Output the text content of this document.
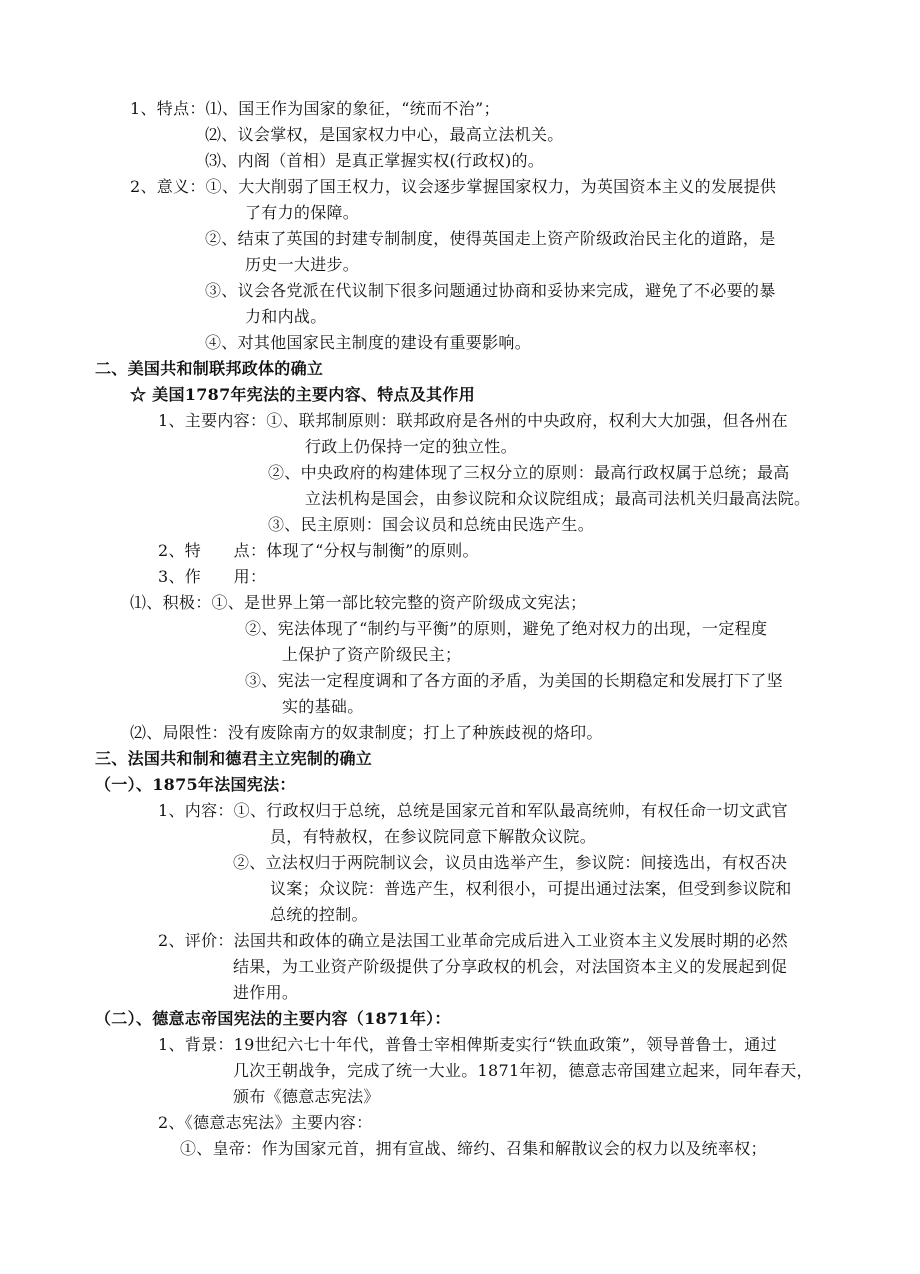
1、特点：⑴、国王作为国家的象征，“统而不治”；
⑵、议会掌权，是国家权力中心，最高立法机关。
⑶、内阁（首相）是真正掌握实权(行政权)的。
2、意义：①、大大削弱了国王权力，议会逐步掌握国家权力，为英国资本主义的发展提供
了有力的保障。
②、结束了英国的封建专制制度，使得英国走上资产阶级政治民主化的道路，是
历史一大进步。
③、议会各党派在代议制下很多问题通过协商和妥协来完成，避免了不必要的暴
力和内战。
④、对其他国家民主制度的建设有重要影响。
二、美国共和制联邦政体的确立
☆ 美国1787年宪法的主要内容、特点及其作用
1、主要内容：①、联邦制原则：联邦政府是各州的中央政府，权利大大加强，但各州在
行政上仍保持一定的独立性。
②、中央政府的构建体现了三权分立的原则：最高行政权属于总统；最高
立法机构是国会，由参议院和众议院组成；最高司法机关归最高法院。
③、民主原则：国会议员和总统由民选产生。
2、特　　点：体现了“分权与制衡”的原则。
3、作　　用：
⑴、积极：①、是世界上第一部比较完整的资产阶级成文宪法；
②、宪法体现了“制约与平衡”的原则，避免了绝对权力的出现，一定程度
上保护了资产阶级民主；
③、宪法一定程度调和了各方面的矛盾，为美国的长期稳定和发展打下了坚
实的基础。
⑵、局限性：没有废除南方的奴隶制度；打上了种族歧视的烙印。
三、法国共和制和德君主立宪制的确立
（一）、1875年法国宪法：
1、内容：①、行政权归于总统，总统是国家元首和军队最高统帅，有权任命一切文武官
员，有特赦权，在参议院同意下解散众议院。
②、立法权归于两院制议会，议员由选举产生，参议院：间接选出，有权否决
议案；众议院：普选产生，权利很小，可提出通过法案，但受到参议院和
总统的控制。
2、评价：法国共和政体的确立是法国工业革命完成后进入工业资本主义发展时期的必然
结果，为工业资产阶级提供了分享政权的机会，对法国资本主义的发展起到促
进作用。
（二）、德意志帝国宪法的主要内容（1871年）：
1、背景：19世纪六七十年代，普鲁士宰相俾斯麦实行“铁血政策”，领导普鲁士，通过
几次王朝战争，完成了统一大业。1871年初，德意志帝国建立起来，同年春天，
颁布《德意志宪法》
2、《德意志宪法》主要内容：
①、皇帝：作为国家元首，拥有宣战、缔约、召集和解散议会的权力以及统率权；
